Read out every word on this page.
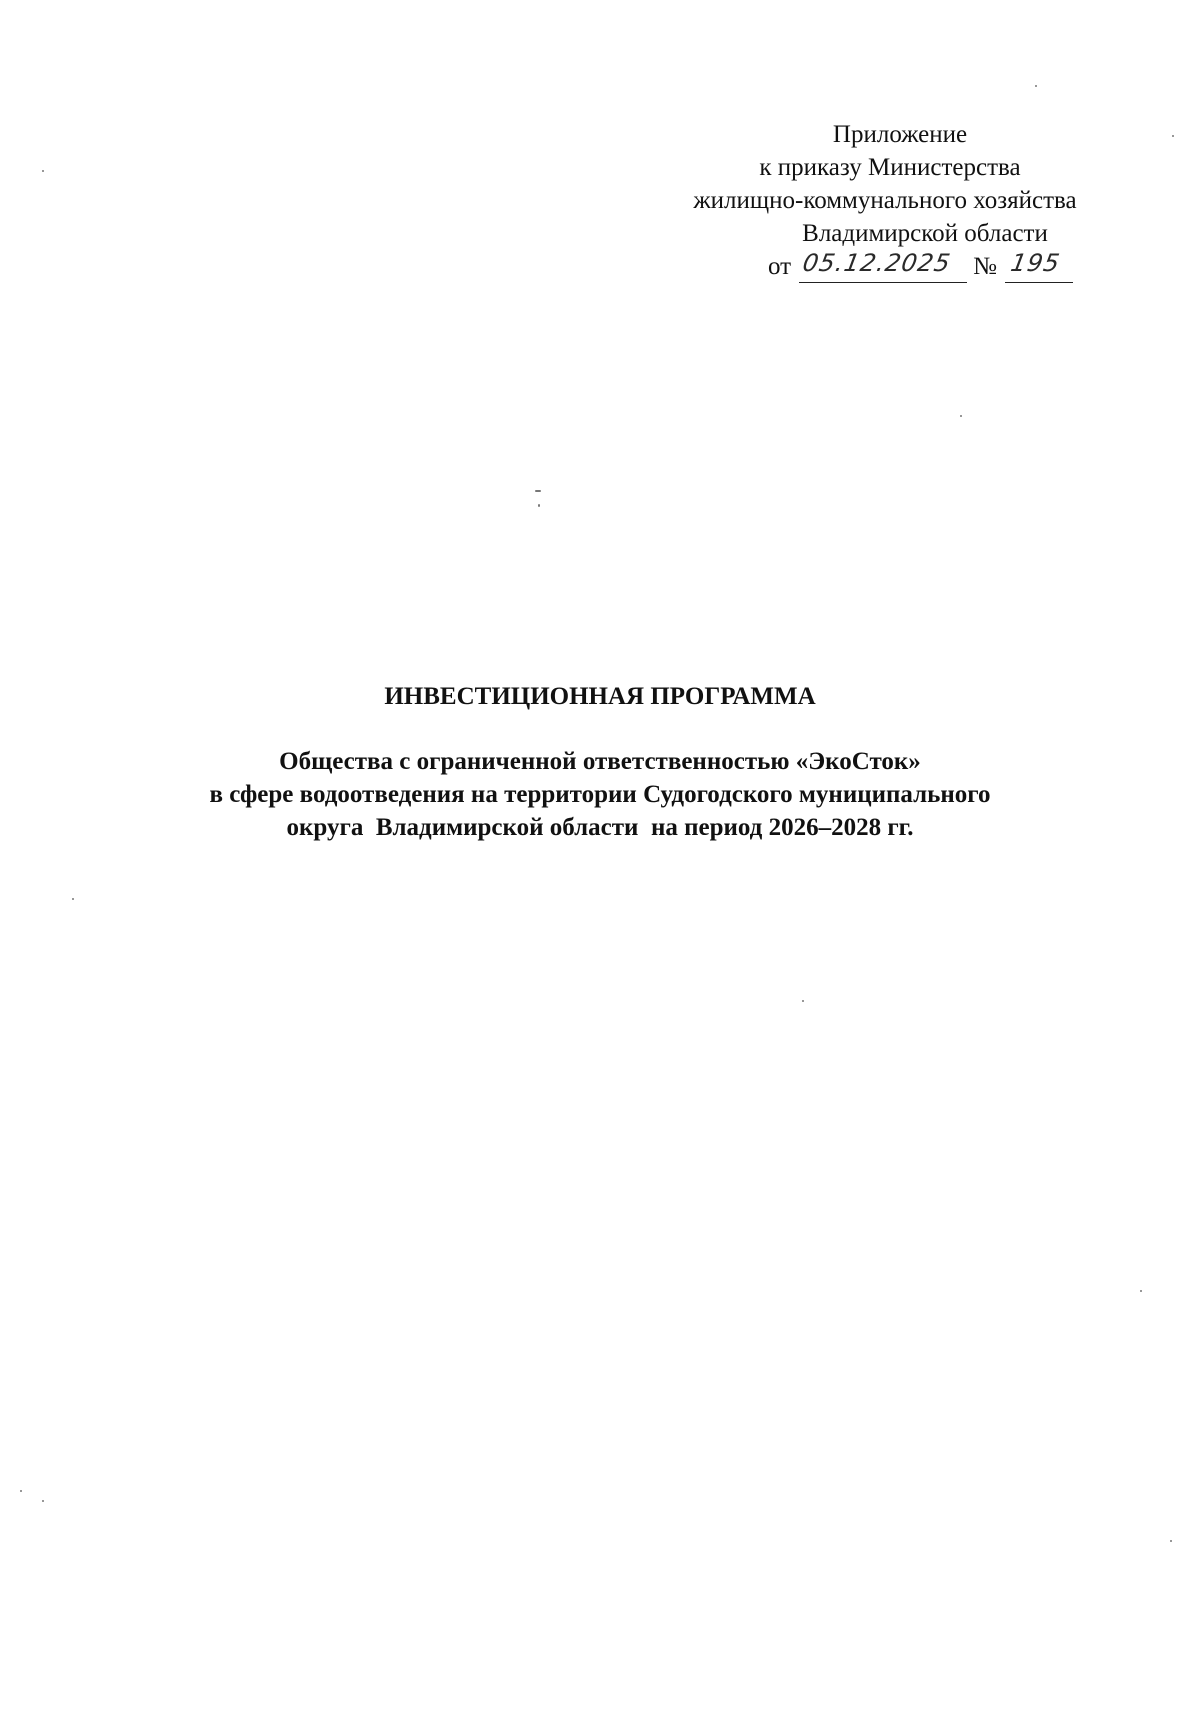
Приложение
к приказу Министерства
жилищно-коммунального хозяйства
Владимирской области
от 05.12.2025 № 195
ИНВЕСТИЦИОННАЯ ПРОГРАММА
Общества с ограниченной ответственностью «ЭкоСток»
в сфере водоотведения на территории Судогодского муниципального
округа  Владимирской области  на период 2026–2028 гг.
